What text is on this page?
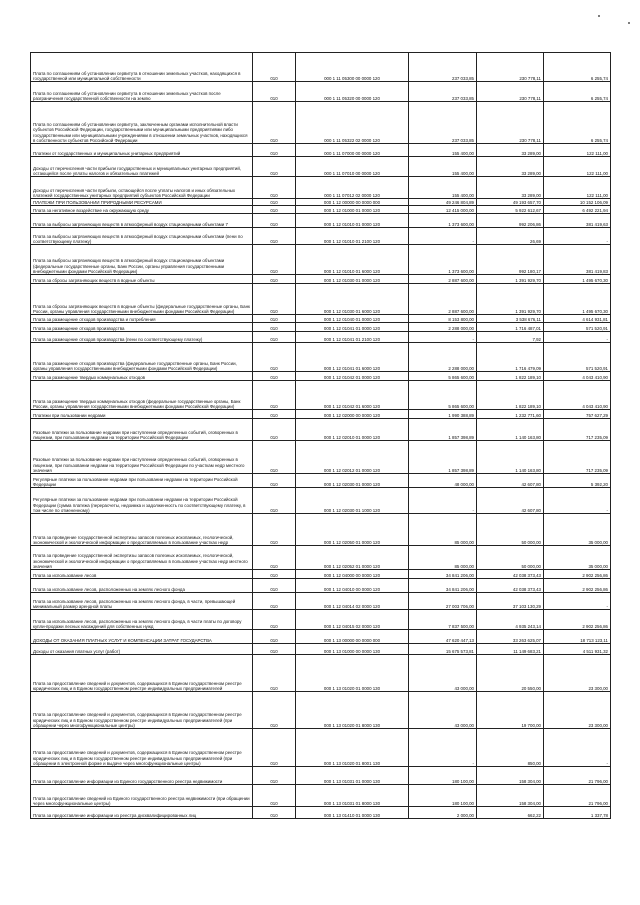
Плата по соглашениям об установлении сервитута в отношении земельных участков, находящихся в государственной или муниципальной собственности	010	000 1 11 05300 00 0000 120	237 033,85	230 778,11	6 255,74
Плата по соглашениям об установлении сервитута в отношении земельных участков после разграничения государственной собственности на землю	010	000 1 11 05320 00 0000 120	237 033,85	230 778,11	6 255,74
Плата по соглашениям об установлении сервитута, заключенным органами исполнительной власти субъектов Российской Федерации, государственными или муниципальными предприятиями либо государственными или муниципальными учреждениями в отношении земельных участков, находящихся в собственности субъектов Российской Федерации	010	000 1 11 05322 02 0000 120	237 033,85	230 778,11	6 255,74
Платежи от государственных и муниципальных унитарных предприятий	010	000 1 11 07000 00 0000 120	155 400,00	33 289,00	122 111,00
Доходы от перечисления части прибыли государственных и муниципальных унитарных предприятий, остающейся после уплаты налогов и обязательных платежей	010	000 1 11 07010 00 0000 120	155 400,00	33 289,00	122 111,00
Доходы от перечисления части прибыли, остающейся после уплаты налогов и иных обязательных платежей государственных унитарных предприятий субъектов Российской Федерации	010	000 1 11 07012 02 0000 120	155 400,00	33 289,00	122 111,00
ПЛАТЕЖИ ПРИ ПОЛЬЗОВАНИИ ПРИРОДНЫМИ РЕСУРСАМИ	010	000 1 12 00000 00 0000 000	49 246 804,89	49 193 657,70	10 152 106,09
Плата за негативное воздействие на окружающую среду	010	000 1 12 01000 01 0000 120	12 415 000,00	5 922 612,67	6 492 221,94
Плата за выбросы загрязняющих веществ в атмосферный воздух стационарными объектами 7	010	000 1 12 01010 01 0000 120	1 373 600,00	992 206,86	381 419,63
Плата за выбросы загрязняющих веществ в атмосферный воздух стационарными объектами (пени по соответствующему платежу)	010	000 1 12 01010 01 2100 120	-	26,69	-
Плата за выбросы загрязняющих веществ в атмосферный воздух стационарными объектами (федеральные государственные органы, Банк России, органы управления государственными внебюджетными фондами Российской Федерации)	010	000 1 12 01010 01 6000 120	1 373 600,00	992 180,17	381 419,83
Плата за сбросы загрязняющих веществ в водные объекты	010	000 1 12 01030 01 0000 120	2 887 600,00	1 391 929,70	1 495 670,30
Плата за сбросы загрязняющих веществ в водные объекты (федеральные государственные органы, Банк России, органы управления государственными внебюджетными фондами Российской Федерации)	010	000 1 12 01030 01 6000 120	2 887 600,00	1 391 929,70	1 495 670,30
Плата за размещение отходов производства и потребления	010	000 1 12 01040 01 0000 120	8 153 800,00	3 538 676,11	4 614 931,81
Плата за размещение отходов производства	010	000 1 12 01041 01 0000 120	2 288 000,00	1 716 487,01	571 520,91
Плата за размещение отходов производства (пени по соответствующему платежу)	010	000 1 12 01041 01 2100 120	-	7,92	-
Плата за размещение отходов производства (федеральные государственные органы, Банк России, органы управления государственными внебюджетными фондами Российской Федерации)	010	000 1 12 01041 01 6000 120	2 288 000,00	1 716 479,09	571 520,91
Плата за размещение твердых коммунальных отходов	010	000 1 12 01042 01 0000 120	5 865 600,00	1 822 189,10	4 043 410,90
Плата за размещение твердых коммунальных отходов (федеральные государственные органы, Банк России, органы управления государственными внебюджетными фондами Российской Федерации)	010	000 1 12 01042 01 6000 120	5 865 600,00	1 822 189,10	4 043 410,90
Платежи при пользовании недрами	010	000 1 12 02000 00 0000 120	1 990 388,89	1 232 771,60	757 627,29
Разовые платежи за пользование недрами при наступлении определенных событий, оговоренных в лицензии, при пользовании недрами на территории Российской Федерации	010	000 1 12 02010 01 0000 120	1 857 398,89	1 140 163,80	717 235,09
Разовые платежи за пользование недрами при наступлении определенных событий, оговоренных в лицензии, при пользовании недрами на территории Российской Федерации по участкам недр местного значения	010	000 1 12 02012 01 0000 120	1 857 398,89	1 140 163,80	717 235,09
Регулярные платежи за пользование недрами при пользовании недрами на территории Российской Федерации	010	000 1 12 02030 01 0000 120	48 000,00	42 607,80	5 392,20
Регулярные платежи за пользование недрами при пользовании недрами на территории Российской Федерации (сумма платежа (перерасчеты, недоимка и задолженность по соответствующему платежу, в том числе по отмененному)	010	000 1 12 02030 01 1000 120	-	42 607,80	-
Плата за проведение государственной экспертизы запасов полезных ископаемых, геологической, экономической и экологической информации о предоставляемых в пользование участках недр	010	000 1 12 02050 01 0000 120	85 000,00	50 000,00	35 000,00
Плата за проведение государственной экспертизы запасов полезных ископаемых, геологической, экономической и экологической информации о предоставляемых в пользование участках недр местного значения	010	000 1 12 02052 01 0000 120	85 000,00	50 000,00	35 000,00
Плата за использование лесов	010	000 1 12 04000 00 0000 120	34 841 206,00	42 038 373,43	2 902 256,86
Плата за использование лесов, расположенных на землях лесного фонда	010	000 1 12 04010 00 0000 120	34 841 206,00	42 038 373,43	2 902 256,86
Плата за использование лесов, расположенных на землях лесного фонда, в части, превышающей минимальный размер арендной платы	010	000 1 12 04014 02 0000 120	27 003 706,00	37 103 130,29	-
Плата за использование лесов, расположенных на землях лесного фонда, в части платы по договору купли-продажи лесных насаждений для собственных нужд	010	000 1 12 04015 02 0000 120	7 837 500,00	4 935 243,14	2 902 256,86
ДОХОДЫ ОТ ОКАЗАНИЯ ПЛАТНЫХ УСЛУГ И КОМПЕНСАЦИИ ЗАТРАТ ГОСУДАРСТВА	010	000 1 13 00000 00 0000 000	47 620 447,13	33 263 625,07	18 713 123,11
Доходы от оказания платных услуг (работ)	010	000 1 13 01000 00 0000 130	15 675 573,81	11 149 683,21	4 511 931,32
Плата за предоставление сведений и документов, содержащихся в Едином государственном реестре юридических лиц и в Едином государственном реестре индивидуальных предпринимателей	010	000 1 13 01020 01 0000 130	43 000,00	20 550,00	23 300,00
Плата за предоставление сведений и документов, содержащихся в Едином государственном реестре юридических лиц и в Едином государственном реестре индивидуальных предпринимателей (при обращении через многофункциональные центры)	010	000 1 13 01020 01 8000 130	43 000,00	19 700,00	23 300,00
Плата за предоставление сведений и документов, содержащихся в Едином государственном реестре юридических лиц и в Едином государственном реестре индивидуальных предпринимателей (при обращении в электронной форме и выдаче через многофункциональные центры)	010	000 1 13 01020 01 8001 130	-	850,00	-
Плата за предоставление информации из Единого государственного реестра недвижимости	010	000 1 13 01031 01 0000 130	180 100,00	158 304,00	21 796,00
Плата за предоставление сведений из Единого государственного реестра недвижимости (при обращении через многофункциональные центры)	010	000 1 13 01031 01 8000 130	180 100,00	158 304,00	21 796,00
Плата за предоставление информации из реестра дисквалифицированных лиц	010	000 1 13 01410 01 0000 130	2 000,00	662,22	1 337,78
